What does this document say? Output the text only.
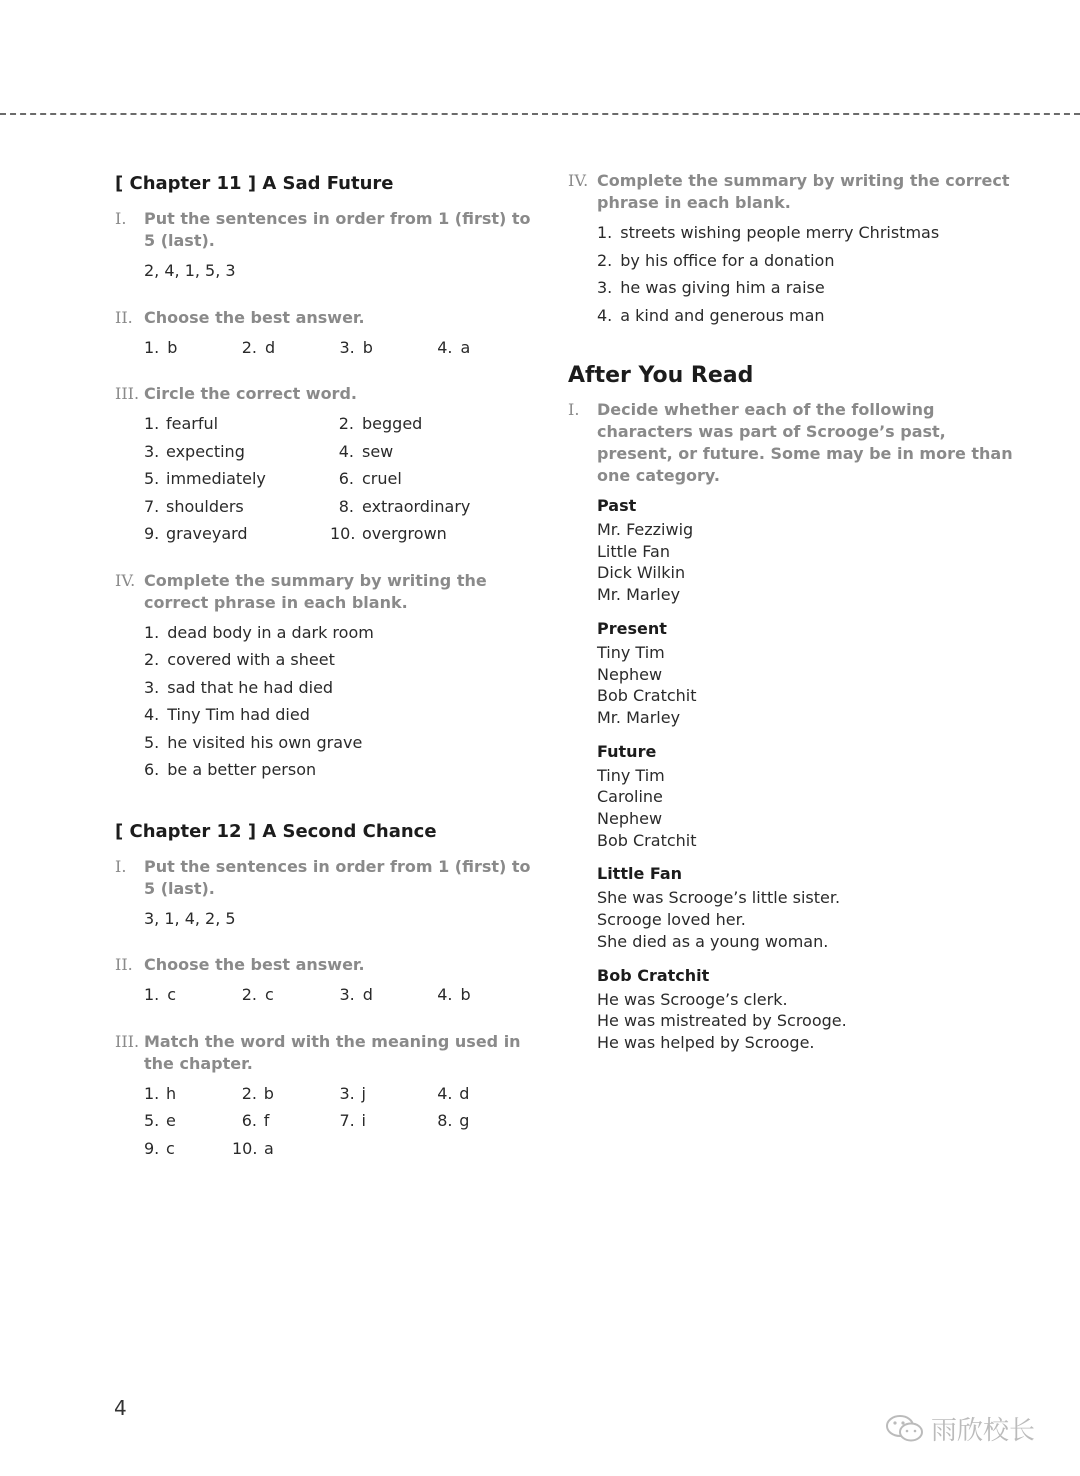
[ Chapter 11 ] A Sad Future
I.	Put the sentences in order from 1 (first) to 5 (last).
2, 4, 1, 5, 3
II. Choose the best answer.
1. b	2. d	3. b	4. a
III. Circle the correct word.
1. fearful	2. begged
3. expecting	4. sew
5. immediately	6. cruel
7. shoulders	8. extraordinary
9. graveyard	10. overgrown
IV. Complete the summary by writing the correct phrase in each blank.
1. dead body in a dark room
2. covered with a sheet
3. sad that he had died
4. Tiny Tim had died
5. he visited his own grave
6. be a better person
[ Chapter 12 ] A Second Chance
I.	Put the sentences in order from 1 (first) to 5 (last).
3, 1, 4, 2, 5
II. Choose the best answer.
1. c	2. c	3. d	4. b
III. Match the word with the meaning used in the chapter.
1. h	2. b	3. j	4. d
5. e	6. f	7. i	8. g
9. c	10. a
IV. Complete the summary by writing the correct phrase in each blank.
1. streets wishing people merry Christmas
2. by his office for a donation
3. he was giving him a raise
4. a kind and generous man
After You Read
I.	Decide whether each of the following characters was part of Scrooge’s past, present, or future. Some may be in more than one category.
Past
Mr. Fezziwig
Little Fan
Dick Wilkin
Mr. Marley
Present
Tiny Tim
Nephew
Bob Cratchit
Mr. Marley
Future
Tiny Tim
Caroline
Nephew
Bob Cratchit
Little Fan
She was Scrooge’s little sister.
Scrooge loved her.
She died as a young woman.
Bob Cratchit
He was Scrooge’s clerk.
He was mistreated by Scrooge.
He was helped by Scrooge.
4
雨欣校长
